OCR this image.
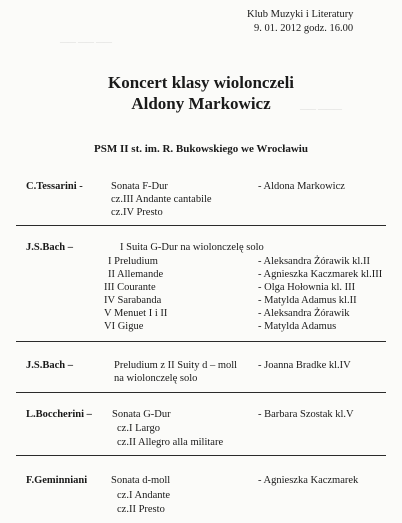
Klub Muzyki i Literatury
9. 01. 2012 godz. 16.00
—— —— ——
—— ———
Koncert klasy wiolonczeli
Aldony Markowicz
PSM II st. im. R. Bukowskiego we Wrocławiu
C.Tessarini -	Sonata F-Dur	- Aldona Markowicz
cz.III Andante cantabile
cz.IV Presto
J.S.Bach –	I Suita G-Dur na wiolonczelę solo
I Preludium	- Aleksandra Żórawik kl.II
II Allemande	- Agnieszka Kaczmarek kl.III
III Courante	- Olga Hołownia kl. III
IV Sarabanda	- Matylda Adamus kl.II
V Menuet I i II	- Aleksandra Żórawik
VI Gigue	- Matylda Adamus
J.S.Bach –	Preludium z II Suity d – moll - Joanna Bradke kl.IV
na wiolonczelę solo
L.Boccherini – Sonata G-Dur	- Barbara Szostak kl.V
cz.I Largo
cz.II Allegro alla militare
F.Geminniani Sonata d-moll	- Agnieszka Kaczmarek
cz.I Andante
cz.II Presto
